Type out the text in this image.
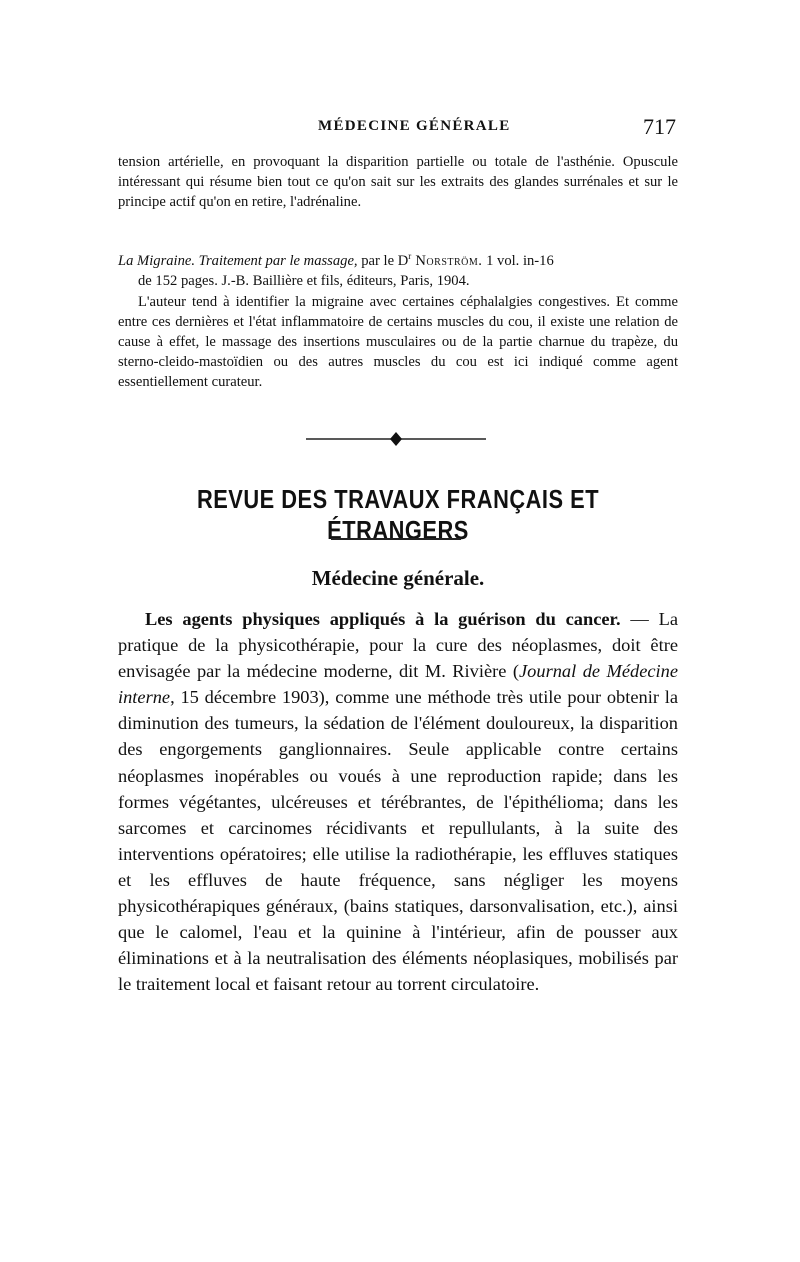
MÉDECINE GÉNÉRALE	717

tension artérielle, en provoquant la disparition partielle ou totale de l'asthénie. Opuscule intéressant qui résume bien tout ce qu'on sait sur les extraits des glandes surrénales et sur le principe actif qu'on en retire, l'adrénaline.

La Migraine. Traitement par le massage, par le $D^r$ Norström. 1 vol. in-16
de 152 pages. J.-B. Baillière et fils, éditeurs, Paris, 1904.

L'auteur tend à identifier la migraine avec certaines céphalalgies congestives. Et comme entre ces dernières et l'état inflammatoire de certains muscles du cou, il existe une relation de cause à effet, le massage des insertions musculaires ou de la partie charnue du trapèze, du sterno-cleido-mastoïdien ou des autres muscles du cou est ici indiqué comme agent essentiellement curateur.

REVUE DES TRAVAUX FRANÇAIS ET ÉTRANGERS
Médecine générale.

Les agents physiques appliqués à la guérison du cancer. — La pratique de la physicothérapie, pour la cure des néoplasmes, doit être envisagée par la médecine moderne, dit M. Rivière (Journal de Médecine interne, 15 décembre 1903), comme une méthode très utile pour obtenir la diminution des tumeurs, la sédation de l'élément douloureux, la disparition des engorgements ganglionnaires. Seule applicable contre certains néoplasmes inopérables ou voués à une reproduction rapide; dans les formes végétantes, ulcéreuses et térébrantes, de l'épithélioma; dans les sarcomes et carcinomes récidivants et repullulants, à la suite des interventions opératoires; elle utilise la radiothérapie, les effluves statiques et les effluves de haute fréquence, sans négliger les moyens physicothérapiques généraux, (bains statiques, darsonvalisation, etc.), ainsi que le calomel, l'eau et la quinine à l'intérieur, afin de pousser aux éliminations et à la neutralisation des éléments néoplasiques, mobilisés par le traitement local et faisant retour au torrent circulatoire.
